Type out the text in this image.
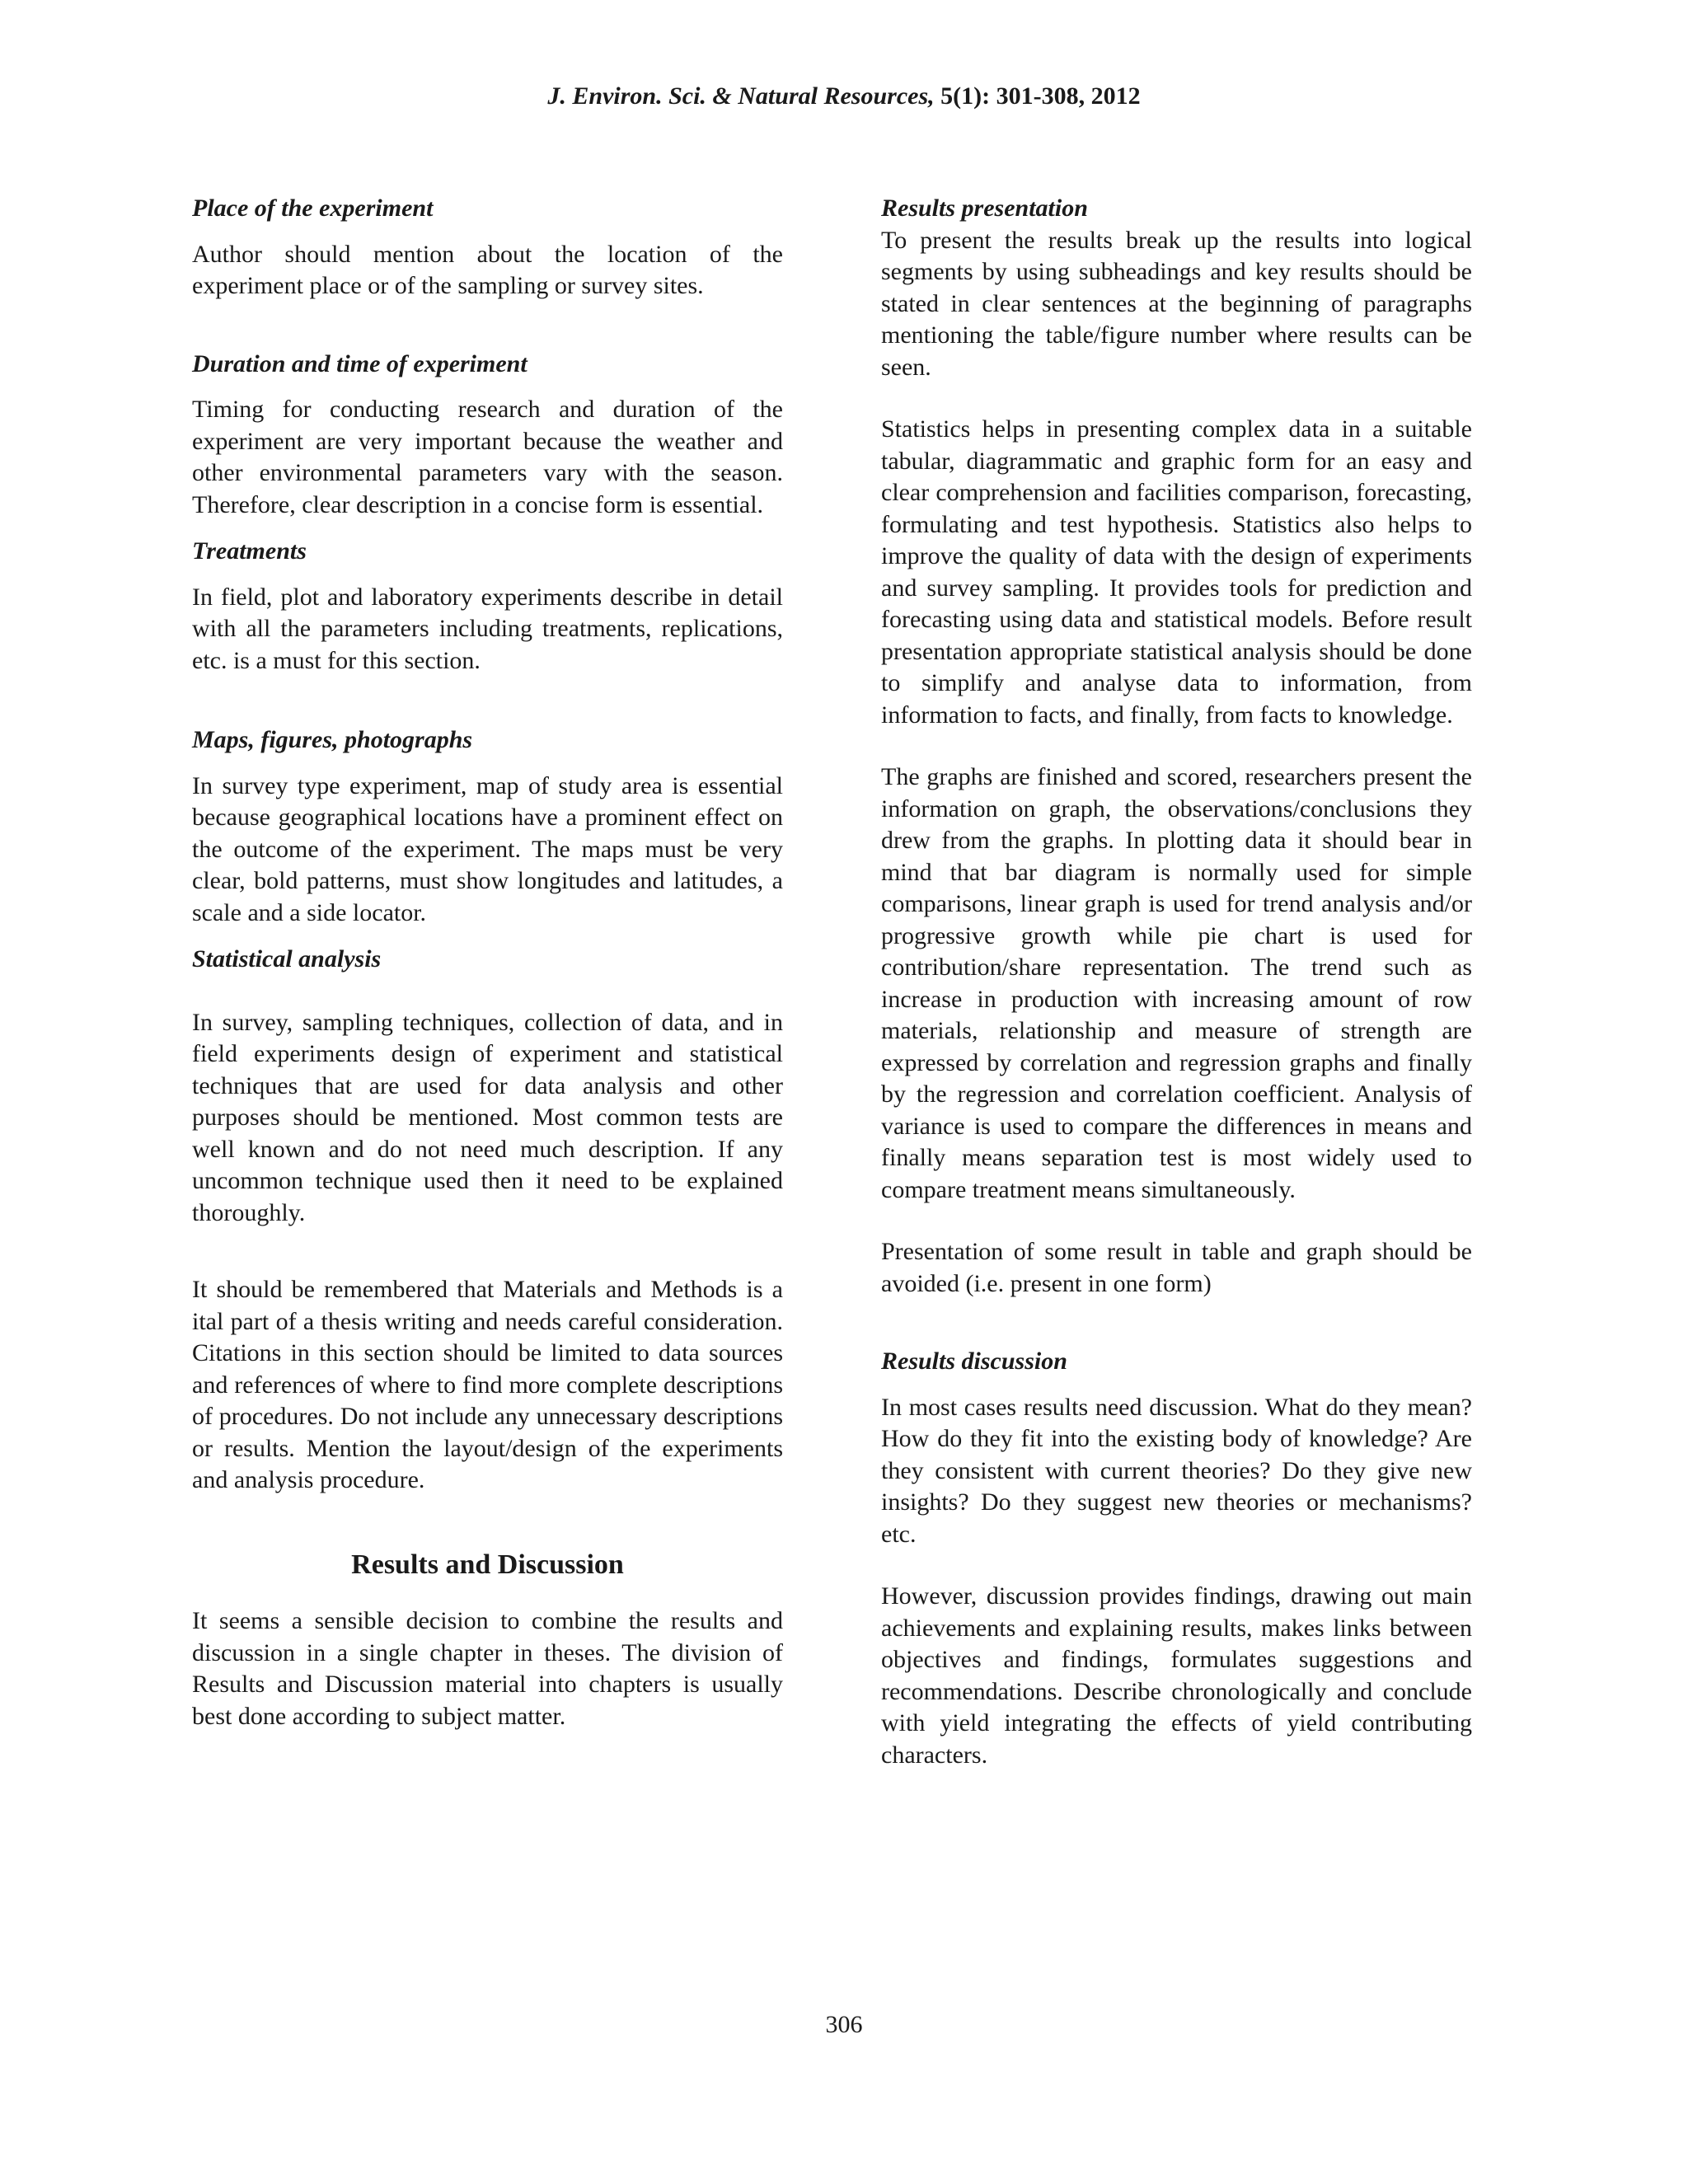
J. Environ. Sci. & Natural Resources, 5(1): 301-308, 2012

Place of the experiment

Author should mention about the location of the experiment place or of the sampling or survey sites.

Duration and time of experiment

Timing for conducting research and duration of the experiment are very important because the weather and other environmental parameters vary with the season. Therefore, clear description in a concise form is essential.

Treatments

In field, plot and laboratory experiments describe in detail with all the parameters including treatments, replications, etc. is a must for this section.

Maps, figures, photographs

In survey type experiment, map of study area is essential because geographical locations have a prominent effect on the outcome of the experiment. The maps must be very clear, bold patterns, must show longitudes and latitudes, a scale and a side locator.

Statistical analysis

In survey, sampling techniques, collection of data, and in field experiments design of experiment and statistical techniques that are used for data analysis and other purposes should be mentioned. Most common tests are well known and do not need much description. If any uncommon technique used then it need to be explained thoroughly.

It should be remembered that Materials and Methods is a ital part of a thesis writing and needs careful consideration. Citations in this section should be limited to data sources and references of where to find more complete descriptions of procedures. Do not include any unnecessary descriptions or results. Mention the layout/design of the experiments and analysis procedure.

Results and Discussion

It seems a sensible decision to combine the results and discussion in a single chapter in theses. The division of Results and Discussion material into chapters is usually best done according to subject matter.

Results presentation

To present the results break up the results into logical segments by using subheadings and key results should be stated in clear sentences at the beginning of paragraphs mentioning the table/figure number where results can be seen.

Statistics helps in presenting complex data in a suitable tabular, diagrammatic and graphic form for an easy and clear comprehension and facilities comparison, forecasting, formulating and test hypothesis. Statistics also helps to improve the quality of data with the design of experiments and survey sampling. It provides tools for prediction and forecasting using data and statistical models. Before result presentation appropriate statistical analysis should be done to simplify and analyse data to information, from information to facts, and finally, from facts to knowledge.

The graphs are finished and scored, researchers present the information on graph, the observations/conclusions they drew from the graphs. In plotting data it should bear in mind that bar diagram is normally used for simple comparisons, linear graph is used for trend analysis and/or progressive growth while pie chart is used for contribution/share representation. The trend such as increase in production with increasing amount of row materials, relationship and measure of strength are expressed by correlation and regression graphs and finally by the regression and correlation coefficient. Analysis of variance is used to compare the differences in means and finally means separation test is most widely used to compare treatment means simultaneously.

Presentation of some result in table and graph should be avoided (i.e. present in one form)

Results discussion

In most cases results need discussion. What do they mean? How do they fit into the existing body of knowledge? Are they consistent with current theories? Do they give new insights? Do they suggest new theories or mechanisms? etc.

However, discussion provides findings, drawing out main achievements and explaining results, makes links between objectives and findings, formulates suggestions and recommendations. Describe chronologically and conclude with yield integrating the effects of yield contributing characters.

306
